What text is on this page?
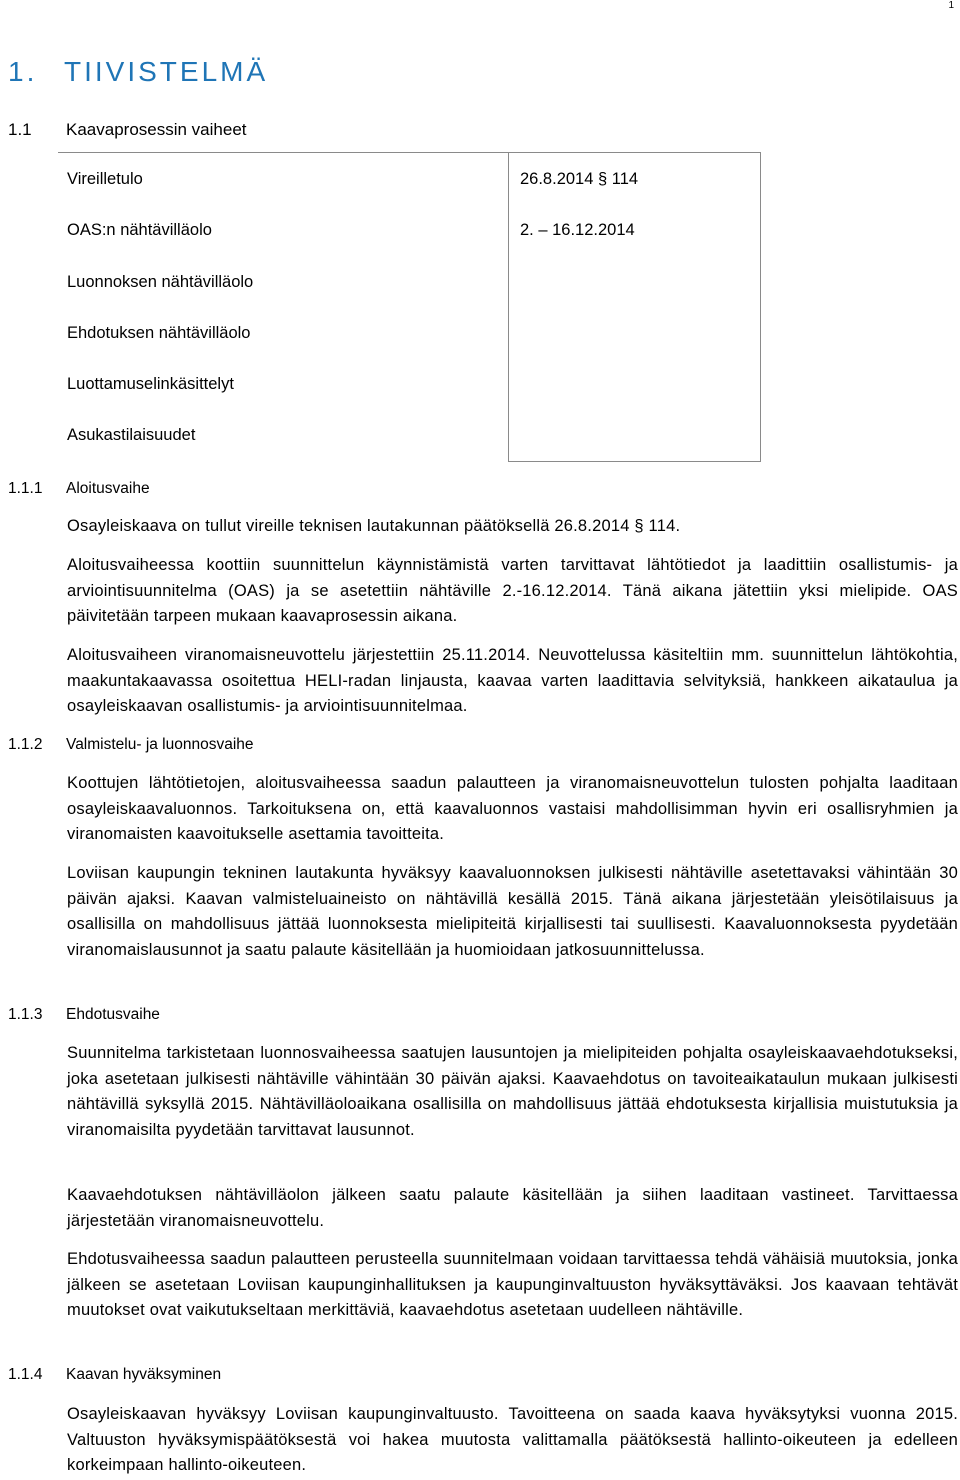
1
1. TIIVISTELMÄ
1.1 Kaavaprosessin vaiheet
Vireilletulo	26.8.2014 § 114
OAS:n nähtävilläolo	2. – 16.12.2014
Luonnoksen nähtävilläolo
Ehdotuksen nähtävilläolo
Luottamuselinkäsittelyt
Asukastilaisuudet
1.1.1 Aloitusvaihe

Osayleiskaava on tullut vireille teknisen lautakunnan päätöksellä 26.8.2014 § 114.

Aloitusvaiheessa koottiin suunnittelun käynnistämistä varten tarvittavat lähtötiedot ja laadittiin osallistumis- ja arviointisuunnitelma (OAS) ja se asetettiin nähtäville 2.-16.12.2014. Tänä aikana jätettiin yksi mielipide. OAS päivitetään tarpeen mukaan kaavaprosessin aikana.

Aloitusvaiheen viranomaisneuvottelu järjestettiin 25.11.2014. Neuvottelussa käsiteltiin mm. suunnittelun lähtökohtia, maakuntakaavassa osoitettua HELI-radan linjausta, kaavaa varten laadittavia selvityksiä, hankkeen aikataulua ja osayleiskaavan osallistumis- ja arviointisuunnitelmaa.

1.1.2 Valmistelu- ja luonnosvaihe

Koottujen lähtötietojen, aloitusvaiheessa saadun palautteen ja viranomaisneuvottelun tulosten pohjalta laaditaan osayleiskaavaluonnos. Tarkoituksena on, että kaavaluonnos vastaisi mahdollisimman hyvin eri osallisryhmien ja viranomaisten kaavoitukselle asettamia tavoitteita.

Loviisan kaupungin tekninen lautakunta hyväksyy kaavaluonnoksen julkisesti nähtäville asetettavaksi vähintään 30 päivän ajaksi. Kaavan valmisteluaineisto on nähtävillä kesällä 2015. Tänä aikana järjestetään yleisötilaisuus ja osallisilla on mahdollisuus jättää luonnoksesta mielipiteitä kirjallisesti tai suullisesti. Kaavaluonnoksesta pyydetään viranomaislausunnot ja saatu palaute käsitellään ja huomioidaan jatkosuunnittelussa.

1.1.3 Ehdotusvaihe

Suunnitelma tarkistetaan luonnosvaiheessa saatujen lausuntojen ja mielipiteiden pohjalta osayleiskaavaehdotukseksi, joka asetetaan julkisesti nähtäville vähintään 30 päivän ajaksi. Kaavaehdotus on tavoiteaikataulun mukaan julkisesti nähtävillä syksyllä 2015. Nähtävilläoloaikana osallisilla on mahdollisuus jättää ehdotuksesta kirjallisia muistutuksia ja viranomaisilta pyydetään tarvittavat lausunnot.

Kaavaehdotuksen nähtävilläolon jälkeen saatu palaute käsitellään ja siihen laaditaan vastineet. Tarvittaessa järjestetään viranomaisneuvottelu.

Ehdotusvaiheessa saadun palautteen perusteella suunnitelmaan voidaan tarvittaessa tehdä vähäisiä muutoksia, jonka jälkeen se asetetaan Loviisan kaupunginhallituksen ja kaupunginvaltuuston hyväksyttäväksi. Jos kaavaan tehtävät muutokset ovat vaikutukseltaan merkittäviä, kaavaehdotus asetetaan uudelleen nähtäville.

1.1.4 Kaavan hyväksyminen

Osayleiskaavan hyväksyy Loviisan kaupunginvaltuusto. Tavoitteena on saada kaava hyväksytyksi vuonna 2015. Valtuuston hyväksymispäätöksestä voi hakea muutosta valittamalla päätöksestä hallinto-oikeuteen ja edelleen korkeimpaan hallinto-oikeuteen.
